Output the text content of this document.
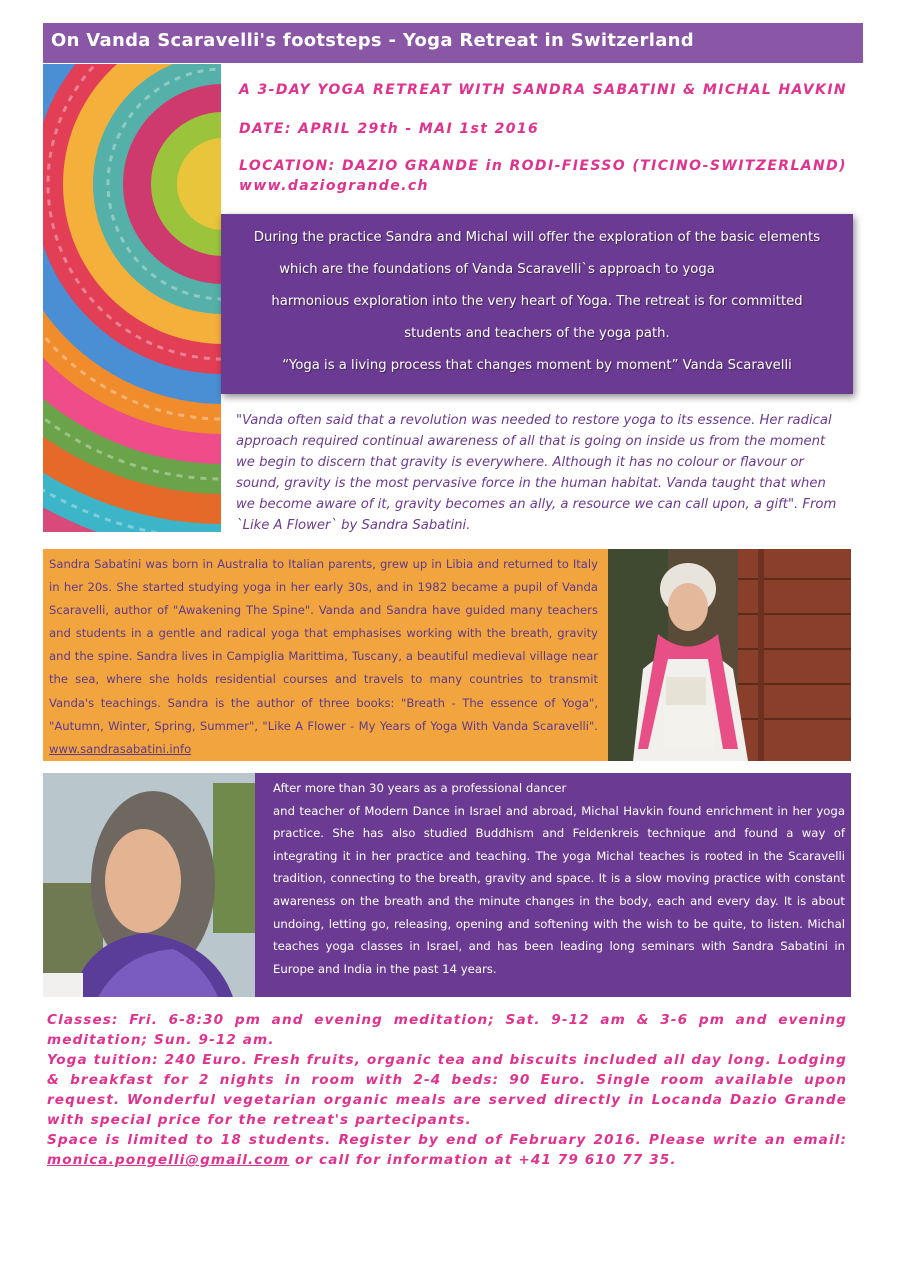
On Vanda Scaravelli's footsteps - Yoga Retreat in Switzerland
A 3-DAY YOGA RETREAT WITH SANDRA SABATINI & MICHAL HAVKIN
DATE: APRIL 29th - MAI 1st 2016
LOCATION: DAZIO GRANDE in RODI-FIESSO (TICINO-SWITZERLAND)
www.daziogrande.ch

During the practice Sandra and Michal will offer the exploration of the basic elements

which are the foundations of Vanda Scaravelli`s approach to yoga

harmonious exploration into the very heart of Yoga. The retreat is for committed

students and teachers of the yoga path.

“Yoga is a living process that changes moment by moment” Vanda Scaravelli

"Vanda often said that a revolution was needed to restore yoga to its essence. Her radical approach required continual awareness of all that is going on inside us from the moment we begin to discern that gravity is everywhere. Although it has no colour or flavour or sound, gravity is the most pervasive force in the human habitat. Vanda taught that when we become aware of it, gravity becomes an ally, a resource we can call upon, a gift". From `Like A Flower` by Sandra Sabatini.
Sandra Sabatini was born in Australia to Italian parents, grew up in Libia and returned to Italy in her 20s. She started studying yoga in her early 30s, and in 1982 became a pupil of Vanda Scaravelli, author of "Awakening The Spine". Vanda and Sandra have guided many teachers and students in a gentle and radical yoga that emphasises working with the breath, gravity and the spine. Sandra lives in Campiglia Marittima, Tuscany, a beautiful medieval village near the sea, where she holds residential courses and travels to many countries to transmit Vanda's teachings. Sandra is the author of three books: "Breath - The essence of Yoga", "Autumn, Winter, Spring, Summer", "Like A Flower - My Years of Yoga With Vanda Scaravelli". www.sandrasabatini.info

After more than 30 years as a professional dancer

and teacher of Modern Dance in Israel and abroad, Michal Havkin found enrichment in her yoga practice. She has also studied Buddhism and Feldenkreis technique and found a way of integrating it in her practice and teaching. The yoga Michal teaches is rooted in the Scaravelli tradition, connecting to the breath, gravity and space. It is a slow moving practice with constant awareness on the breath and the minute changes in the body, each and every day. It is about undoing, letting go, releasing, opening and softening with the wish to be quite, to listen. Michal teaches yoga classes in Israel, and has been leading long seminars with Sandra Sabatini in Europe and India in the past 14 years.

Classes: Fri. 6-8:30 pm and evening meditation; Sat. 9-12 am & 3-6 pm and evening meditation; Sun. 9-12 am.

Yoga tuition: 240 Euro. Fresh fruits, organic tea and biscuits included all day long. Lodging & breakfast for 2 nights in room with 2-4 beds: 90 Euro. Single room available upon request. Wonderful vegetarian organic meals are served directly in Locanda Dazio Grande with special price for the retreat's partecipants.

Space is limited to 18 students. Register by end of February 2016. Please write an email: monica.pongelli@gmail.com or call for information at +41 79 610 77 35.
